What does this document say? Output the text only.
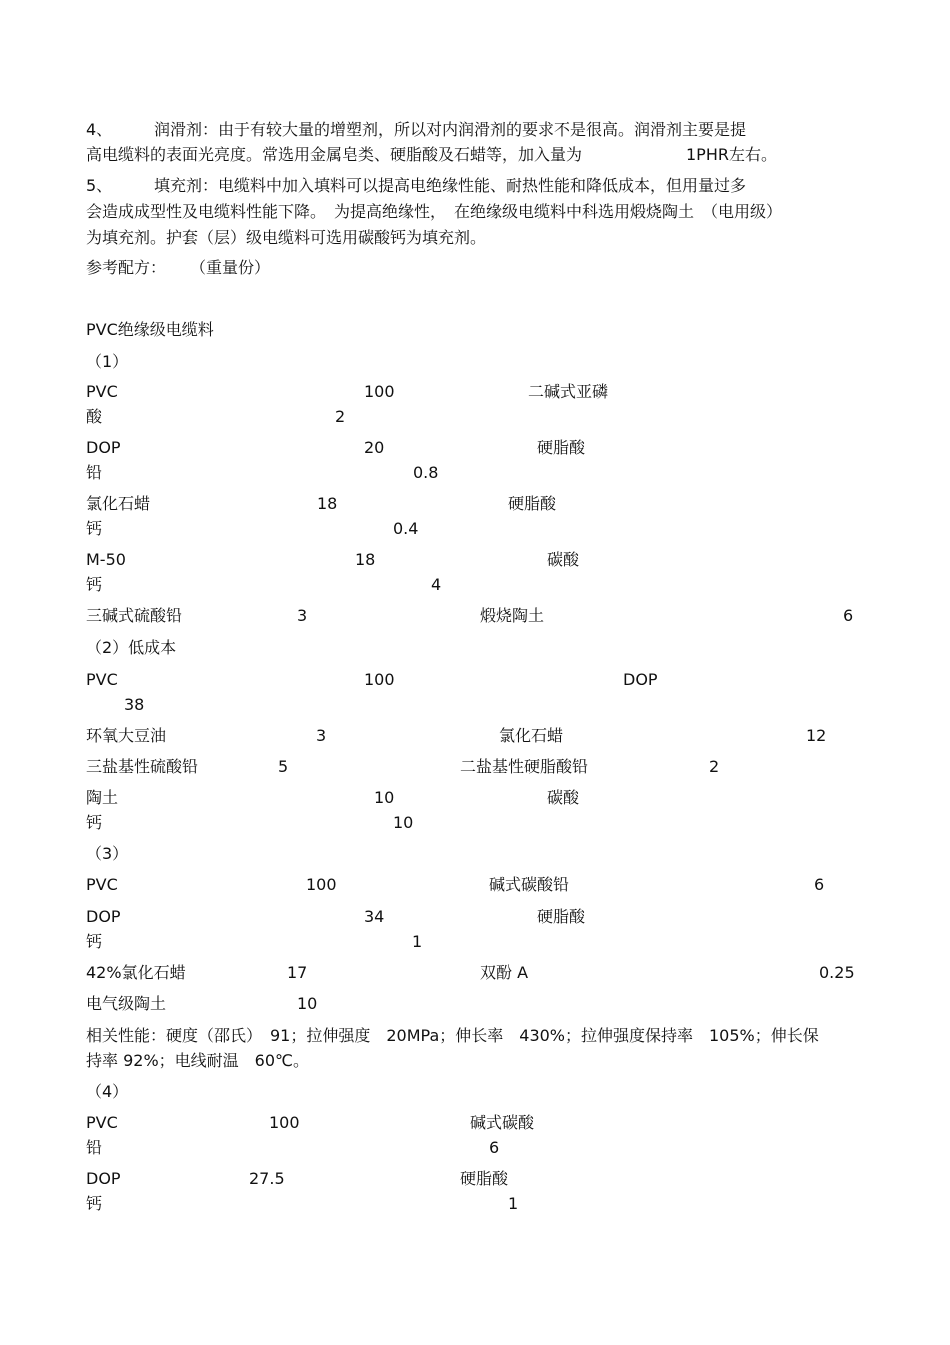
4、	润滑剂：由于有较大量的增塑剂，所以对内润滑剂的要求不是很高。润滑剂主要是提
高电缆料的表面光亮度。常选用金属皂类、硬脂酸及石蜡等，加入量为	1PHR左右。
5、	填充剂：电缆料中加入填料可以提高电绝缘性能、耐热性能和降低成本，但用量过多
会造成成型性及电缆料性能下降。　为提高绝缘性，　在绝缘级电缆料中科选用煅烧陶土　（电用级）
为填充剂。护套（层）级电缆料可选用碳酸钙为填充剂。
参考配方： （重量份）
PVC绝缘级电缆料
（1）
PVC	100	二碱式亚磷
酸	2
DOP	20	硬脂酸
铅	0.8
氯化石蜡	18	硬脂酸
钙	0.4
M-50	18	碳酸
钙	4
三碱式硫酸铅	3	煅烧陶土	6
（2）低成本
PVC	100	DOP
38
环氧大豆油	3	氯化石蜡	12
三盐基性硫酸铅	5	二盐基性硬脂酸铅	2
陶土	10	碳酸
钙	10
（3）
PVC	100	碱式碳酸铅	6
DOP	34	硬脂酸
钙	1
42%氯化石蜡	17	双酚 A	0.25
电气级陶土	10
相关性能：硬度（邵氏）　91；拉伸强度　20MPa；伸长率　430%；拉伸强度保持率　105%；伸长保
持率 92%；电线耐温　60℃。
（4）
PVC	100	碱式碳酸
铅	6
DOP	27.5	硬脂酸
钙	1
